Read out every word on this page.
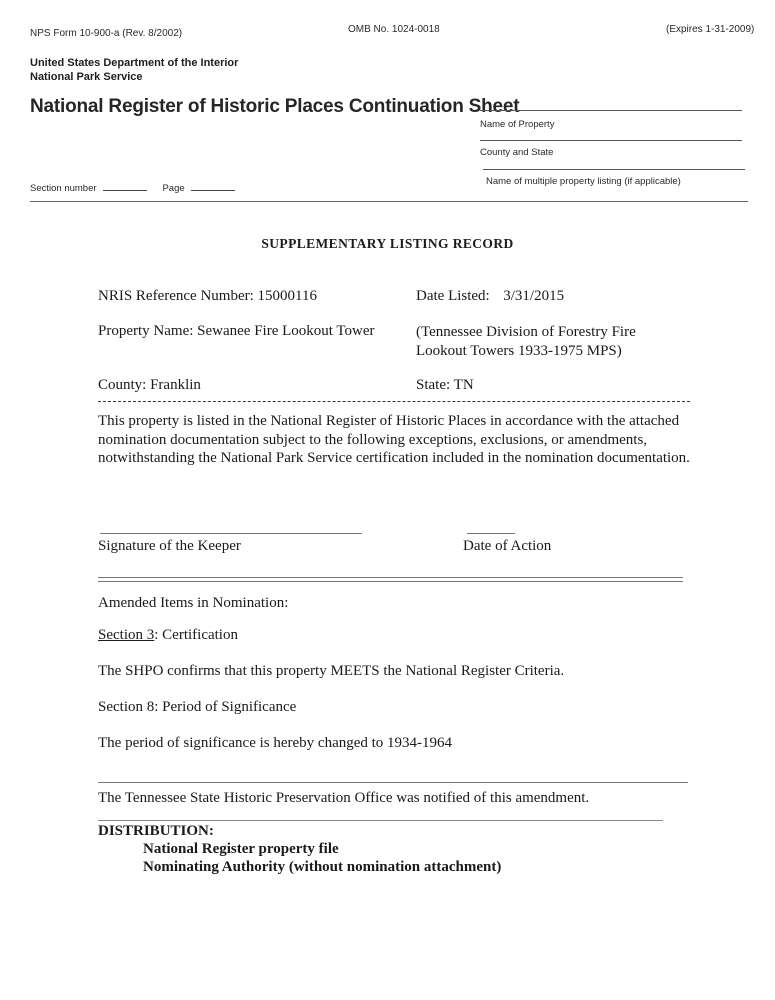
NPS Form 10-900-a (Rev. 8/2002)	OMB No. 1024-0018	(Expires 1-31-2009)
United States Department of the Interior
National Park Service
National Register of Historic Places Continuation Sheet
Name of Property
County and State
Name of multiple property listing (if applicable)
Section number	Page
SUPPLEMENTARY LISTING RECORD
NRIS Reference Number: 15000116	Date Listed: 3/31/2015
Property Name: Sewanee Fire Lookout Tower	(Tennessee Division of Forestry Fire
Lookout Towers 1933-1975 MPS)
County: Franklin	State: TN
This property is listed in the National Register of Historic Places in accordance with the attached nomination documentation subject to the following exceptions, exclusions, or amendments, notwithstanding the National Park Service certification included in the nomination documentation.
Signature of the Keeper	Date of Action
Amended Items in Nomination:
Section 3: Certification
The SHPO confirms that this property MEETS the National Register Criteria.
Section 8: Period of Significance
The period of significance is hereby changed to 1934-1964
The Tennessee State Historic Preservation Office was notified of this amendment.
DISTRIBUTION:
National Register property file
Nominating Authority (without nomination attachment)
